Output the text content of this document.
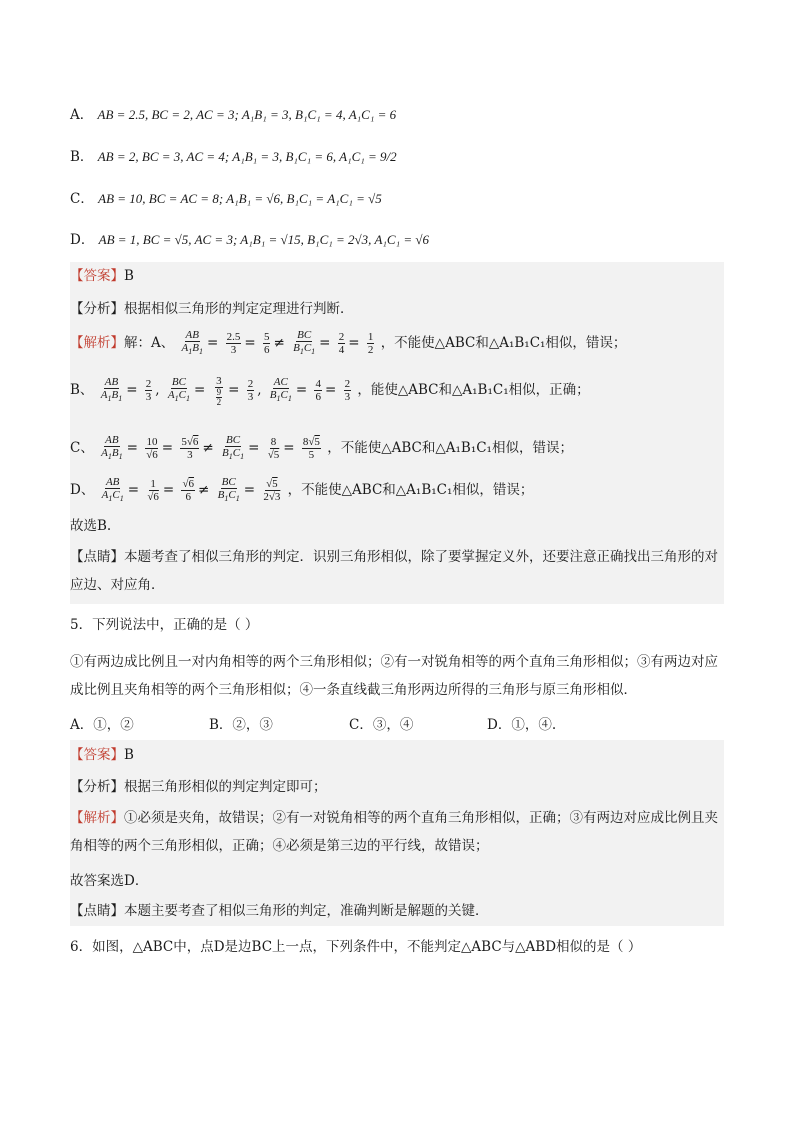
A． AB = 2.5, BC = 2, AC = 3; A₁B₁ = 3, B₁C₁ = 4, A₁C₁ = 6
B． AB = 2, BC = 3, AC = 4; A₁B₁ = 3, B₁C₁ = 6, A₁C₁ = 9/2
C． AB = 10, BC = AC = 8; A₁B₁ = √6, B₁C₁ = A₁C₁ = √5
D． AB = 1, BC = √5, AC = 3; A₁B₁ = √15, B₁C₁ = 2√3, A₁C₁ = √6
【答案】B
【分析】根据相似三角形的判定定理进行判断．
【解析】解：A、 $\frac{AB}{A_1B_1} = \frac{2.5}{3} = \frac{5}{6} \ne \frac{BC}{B_1C_1} = \frac{2}{4} = \frac{1}{2}$ ，不能使△ABC和△A₁B₁C₁相似，错误；
B、 $\frac{AB}{A_1B_1} = \frac{2}{3}$ , $\frac{BC}{A_1C_1} = \frac{3}{\frac{9}{2}} = \frac{2}{3}$ , $\frac{AC}{B_1C_1} = \frac{4}{6} = \frac{2}{3}$ ，能使△ABC和△A₁B₁C₁相似，正确；
C、 $\frac{AB}{A_1B_1} = \frac{10}{√6} = \frac{5√6}{3} \ne \frac{BC}{B_1C_1} = \frac{8}{√5} = \frac{8√5}{5}$ ，不能使△ABC和△A₁B₁C₁相似，错误；
D、 $\frac{AB}{A_1C_1} = \frac{1}{√6} = \frac{√6}{6} \ne \frac{BC}{B_1C_1} = \frac{√5}{2√3}$ ，不能使△ABC和△A₁B₁C₁相似，错误；
故选B.
【点睛】本题考查了相似三角形的判定．识别三角形相似，除了要掌握定义外，还要注意正确找出三角形的对应边、对应角．
5．下列说法中，正确的是（ ）
①有两边成比例且一对内角相等的两个三角形相似；②有一对锐角相等的两个直角三角形相似；③有两边对应成比例且夹角相等的两个三角形相似；④一条直线截三角形两边所得的三角形与原三角形相似．
A．①，②	B．②，③	C．③，④	D．①，④.
【答案】B
【分析】根据三角形相似的判定判定即可；
【解析】①必须是夹角，故错误；②有一对锐角相等的两个直角三角形相似，正确；③有两边对应成比例且夹角相等的两个三角形相似，正确；④必须是第三边的平行线，故错误；
故答案选D．
【点睛】本题主要考查了相似三角形的判定，准确判断是解题的关键．
6．如图，△ABC中，点D是边BC上一点，下列条件中，不能判定△ABC与△ABD相似的是（ ）
